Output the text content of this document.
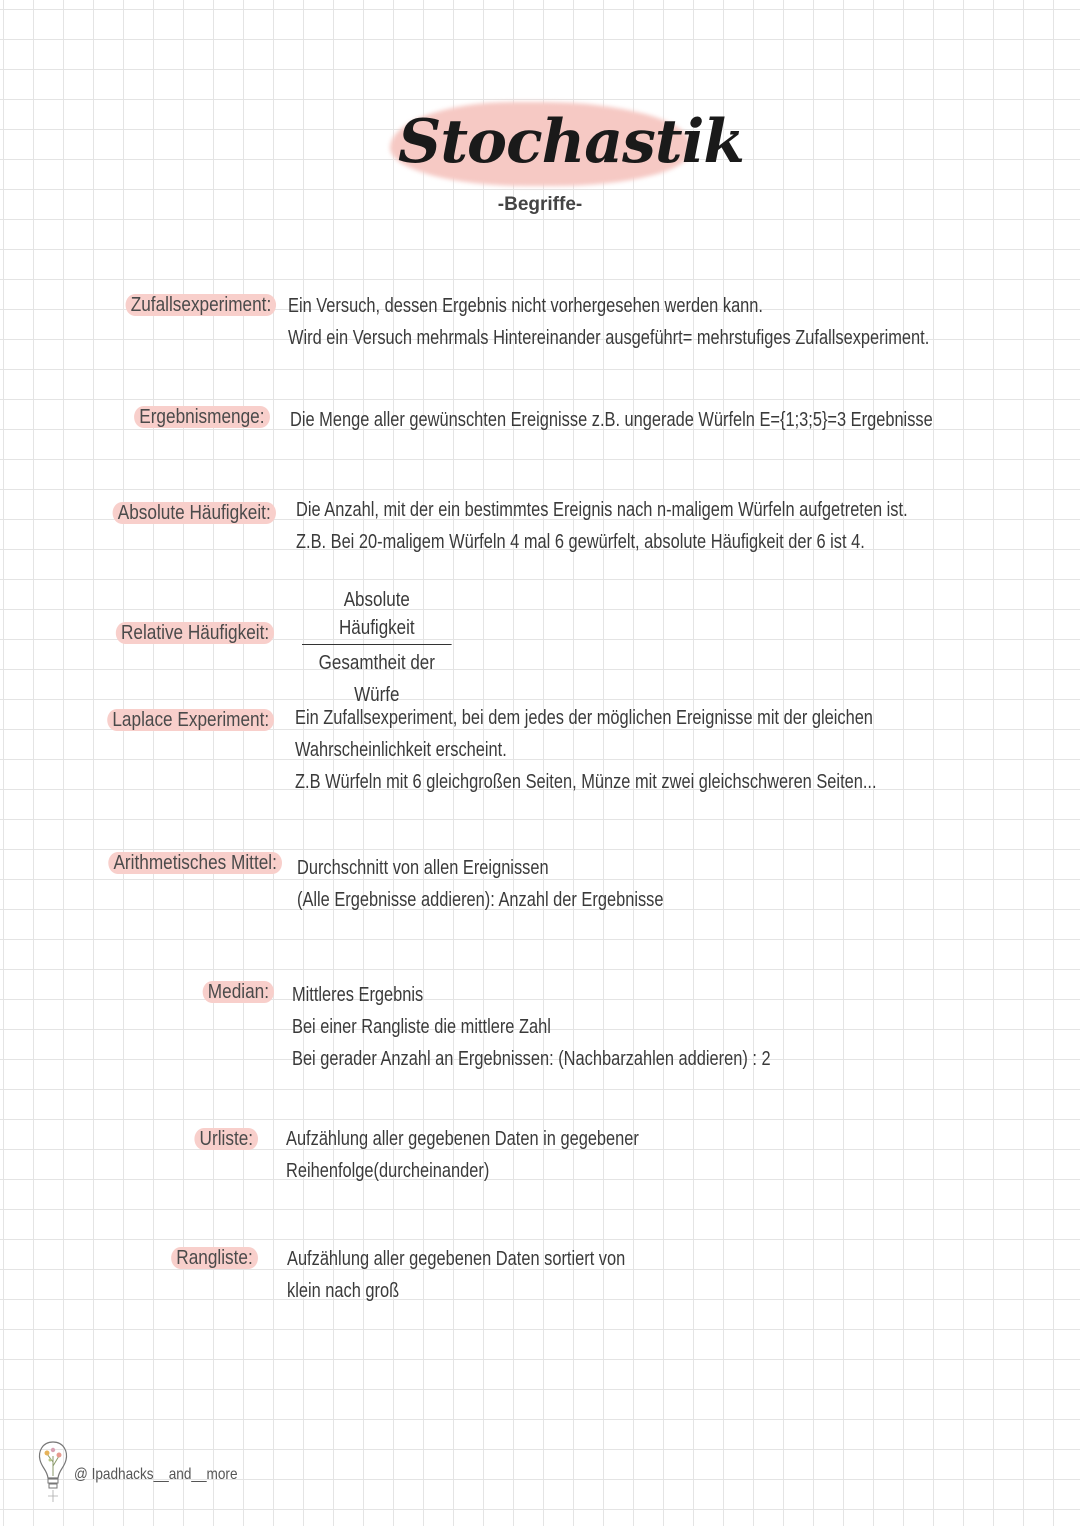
Stochastik
-Begriffe-
Zufallsexperiment: Ein Versuch, dessen Ergebnis nicht vorhergesehen werden kann.
Wird ein Versuch mehrmals Hintereinander ausgeführt= mehrstufiges Zufallsexperiment.
Ergebnismenge: Die Menge aller gewünschten Ereignisse z.B. ungerade Würfeln E={1;3;5}=3 Ergebnisse
Absolute Häufigkeit: Die Anzahl, mit der ein bestimmtes Ereignis nach n-maligem Würfeln aufgetreten ist.
Z.B. Bei 20-maligem Würfeln 4 mal 6 gewürfelt, absolute Häufigkeit der 6 ist 4.
Relative Häufigkeit:
Absolute Häufigkeit
Gesamtheit der Würfe
Laplace Experiment: Ein Zufallsexperiment, bei dem jedes der möglichen Ereignisse mit der gleichen
Wahrscheinlichkeit erscheint.
Z.B Würfeln mit 6 gleichgroßen Seiten, Münze mit zwei gleichschweren Seiten...
Arithmetisches Mittel: Durchschnitt von allen Ereignissen
(Alle Ergebnisse addieren): Anzahl der Ergebnisse
Median: Mittleres Ergebnis
Bei einer Rangliste die mittlere Zahl
Bei gerader Anzahl an Ergebnissen: (Nachbarzahlen addieren) : 2
Urliste: Aufzählung aller gegebenen Daten in gegebener
Reihenfolge(durcheinander)
Rangliste: Aufzählung aller gegebenen Daten sortiert von
klein nach groß
@ Ipadhacks__and__more
